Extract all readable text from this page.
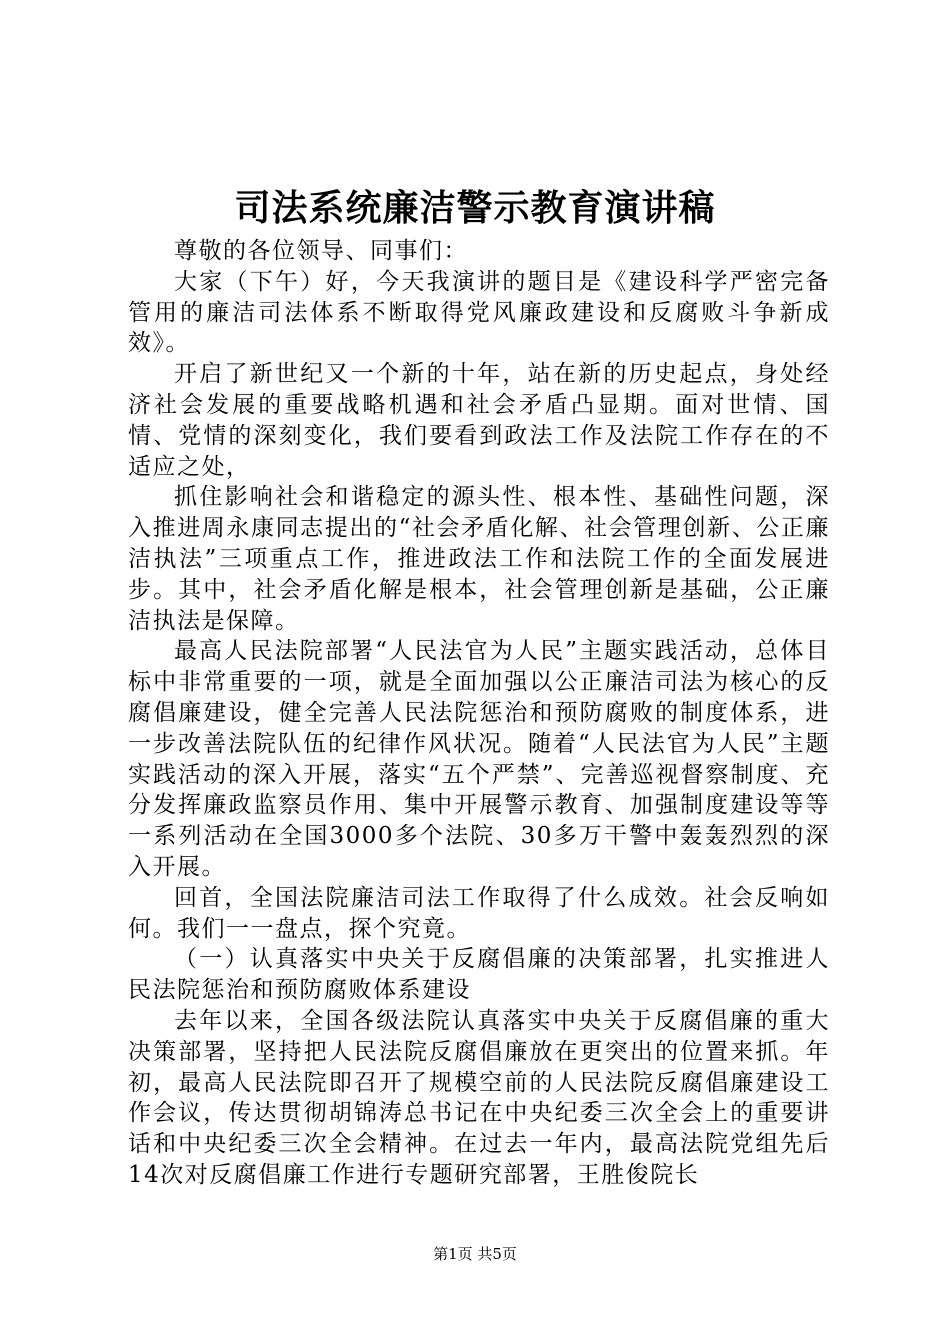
司法系统廉洁警示教育演讲稿

尊敬的各位领导、同事们：

大家（下午）好，今天我演讲的题目是《建设科学严密完备管用的廉洁司法体系不断取得党风廉政建设和反腐败斗争新成效》。

开启了新世纪又一个新的十年，站在新的历史起点，身处经济社会发展的重要战略机遇和社会矛盾凸显期。面对世情、国情、党情的深刻变化，我们要看到政法工作及法院工作存在的不适应之处，

抓住影响社会和谐稳定的源头性、根本性、基础性问题，深入推进周永康同志提出的“社会矛盾化解、社会管理创新、公正廉洁执法”三项重点工作，推进政法工作和法院工作的全面发展进步。其中，社会矛盾化解是根本，社会管理创新是基础，公正廉洁执法是保障。

最高人民法院部署“人民法官为人民”主题实践活动，总体目标中非常重要的一项，就是全面加强以公正廉洁司法为核心的反腐倡廉建设，健全完善人民法院惩治和预防腐败的制度体系，进一步改善法院队伍的纪律作风状况。随着“人民法官为人民”主题实践活动的深入开展，落实“五个严禁”、完善巡视督察制度、充分发挥廉政监察员作用、集中开展警示教育、加强制度建设等等一系列活动在全国3000多个法院、30多万干警中轰轰烈烈的深入开展。

回首，全国法院廉洁司法工作取得了什么成效。社会反响如何。我们一一盘点，探个究竟。

（一）认真落实中央关于反腐倡廉的决策部署，扎实推进人民法院惩治和预防腐败体系建设

去年以来，全国各级法院认真落实中央关于反腐倡廉的重大决策部署，坚持把人民法院反腐倡廉放在更突出的位置来抓。年初，最高人民法院即召开了规模空前的人民法院反腐倡廉建设工作会议，传达贯彻胡锦涛总书记在中央纪委三次全会上的重要讲话和中央纪委三次全会精神。在过去一年内，最高法院党组先后14次对反腐倡廉工作进行专题研究部署，王胜俊院长

第1页 共5页
